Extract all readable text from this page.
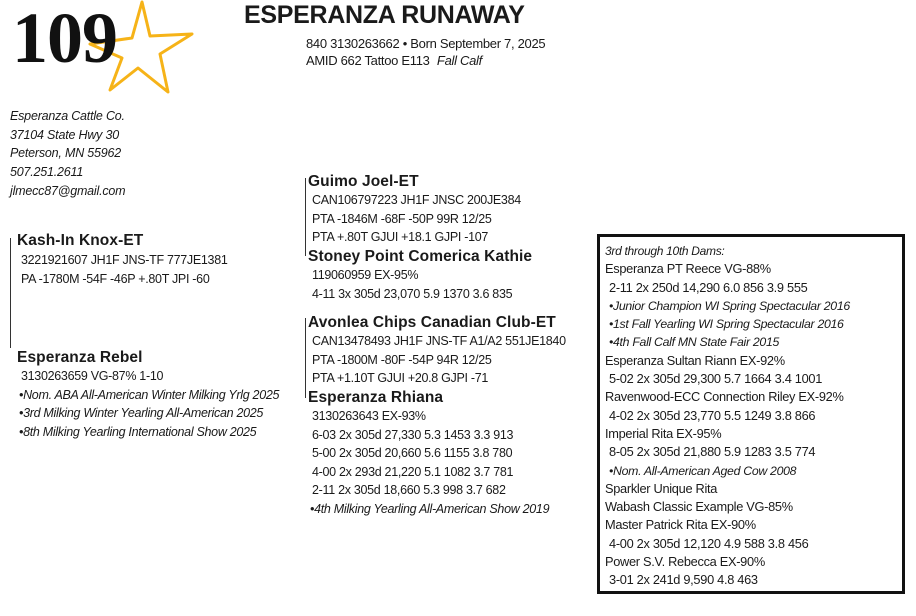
109	ESPERANZA RUNAWAY
840 3130263662 • Born September 7, 2025
AMID 662 Tattoo E113 Fall Calf
Esperanza Cattle Co.
37104 State Hwy 30
Peterson, MN 55962
507.251.2611
jlmecc87@gmail.com
Kash-In Knox-ET
3221921607 JH1F JNS-TF 777JE1381
PA -1780M -54F -46P +.80T JPI -60
Esperanza Rebel
3130263659 VG-87% 1-10
•Nom. ABA All-American Winter Milking Yrlg 2025
•3rd Milking Winter Yearling All-American 2025
•8th Milking Yearling International Show 2025
Guimo Joel-ET
CAN106797223 JH1F JNSC 200JE384
PTA -1846M -68F -50P 99R 12/25
PTA +.80T GJUI +18.1 GJPI -107
Stoney Point Comerica Kathie
119060959 EX-95%
4-11 3x 305d 23,070 5.9 1370 3.6 835
Avonlea Chips Canadian Club-ET
CAN13478493 JH1F JNS-TF A1/A2 551JE1840
PTA -1800M -80F -54P 94R 12/25
PTA +1.10T GJUI +20.8 GJPI -71
Esperanza Rhiana
3130263643 EX-93%
6-03 2x 305d 27,330 5.3 1453 3.3 913
5-00 2x 305d 20,660 5.6 1155 3.8 780
4-00 2x 293d 21,220 5.1 1082 3.7 781
2-11 2x 305d 18,660 5.3 998 3.7 682
•4th Milking Yearling All-American Show 2019
3rd through 10th Dams:
Esperanza PT Reece VG-88%
2-11 2x 250d 14,290 6.0 856 3.9 555
•Junior Champion WI Spring Spectacular 2016
•1st Fall Yearling WI Spring Spectacular 2016
•4th Fall Calf MN State Fair 2015
Esperanza Sultan Riann EX-92%
5-02 2x 305d 29,300 5.7 1664 3.4 1001
Ravenwood-ECC Connection Riley EX-92%
4-02 2x 305d 23,770 5.5 1249 3.8 866
Imperial Rita EX-95%
8-05 2x 305d 21,880 5.9 1283 3.5 774
•Nom. All-American Aged Cow 2008
Sparkler Unique Rita
Wabash Classic Example VG-85%
Master Patrick Rita EX-90%
4-00 2x 305d 12,120 4.9 588 3.8 456
Power S.V. Rebecca EX-90%
3-01 2x 241d 9,590 4.8 463
